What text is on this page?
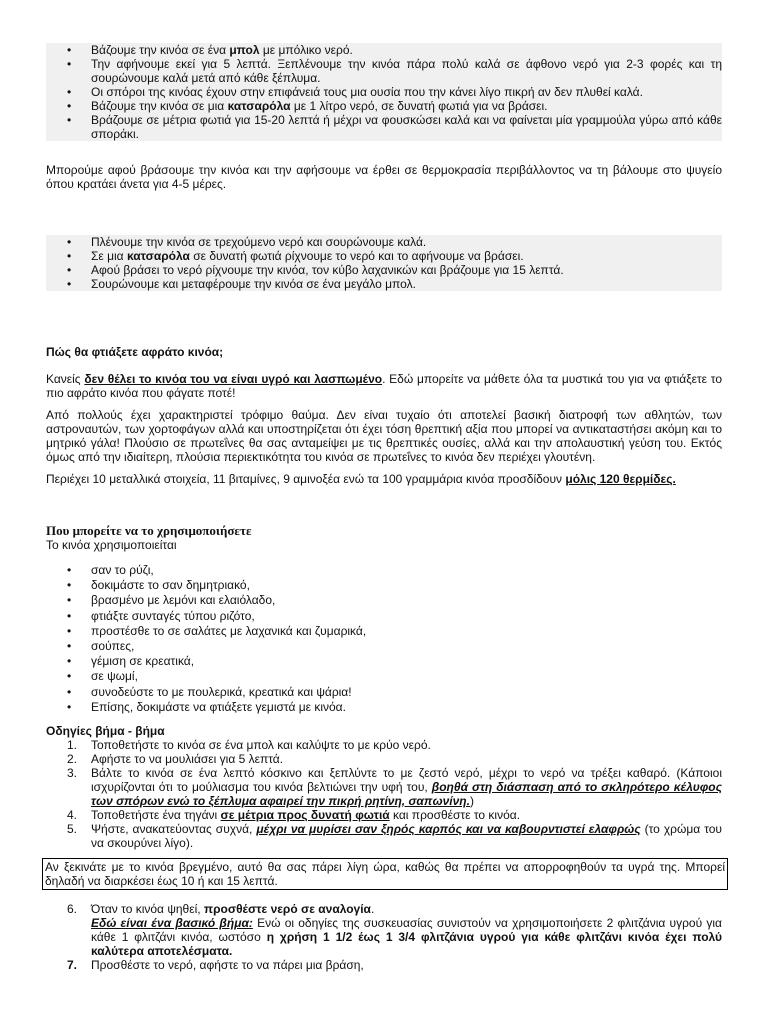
• Βάζουμε την κινόα σε ένα μπολ με μπόλικο νερό.
• Την αφήνουμε εκεί για 5 λεπτά. Ξεπλένουμε την κινόα πάρα πολύ καλά σε άφθονο νερό για 2-3 φορές και τη σουρώνουμε καλά μετά από κάθε ξέπλυμα.
• Οι σπόροι της κινόας έχουν στην επιφάνειά τους μια ουσία που την κάνει λίγο πικρή αν δεν πλυθεί καλά.
• Βάζουμε την κινόα σε μια κατσαρόλα με 1 λίτρο νερό, σε δυνατή φωτιά για να βράσει.
• Βράζουμε σε μέτρια φωτιά για 15-20 λεπτά ή μέχρι να φουσκώσει καλά και να φαίνεται μία γραμμούλα γύρω από κάθε σποράκι.

Μπορούμε αφού βράσουμε την κινόα και την αφήσουμε να έρθει σε θερμοκρασία περιβάλλοντος να τη βάλουμε στο ψυγείο όπου κρατάει άνετα για 4-5 μέρες.

• Πλένουμε την κινόα σε τρεχούμενο νερό και σουρώνουμε καλά.
• Σε μια κατσαρόλα σε δυνατή φωτιά ρίχνουμε το νερό και το αφήνουμε να βράσει.
• Αφού βράσει το νερό ρίχνουμε την κινόα, τον κύβο λαχανικών και βράζουμε για 15 λεπτά.
• Σουρώνουμε και μεταφέρουμε την κινόα σε ένα μεγάλο μπολ.
Πώς θα φτιάξετε αφράτο κινόα;

Κανείς δεν θέλει το κινόα του να είναι υγρό και λασπωμένο. Εδώ μπορείτε να μάθετε όλα τα μυστικά του για να φτιάξετε το πιο αφράτο κινόα που φάγατε ποτέ!

Από πολλούς έχει χαρακτηριστεί τρόφιμο θαύμα. Δεν είναι τυχαίο ότι αποτελεί βασική διατροφή των αθλητών, των αστροναυτών, των χορτοφάγων αλλά και υποστηρίζεται ότι έχει τόση θρεπτική αξία που μπορεί να αντικαταστήσει ακόμη και το μητρικό γάλα! Πλούσιο σε πρωτεΐνες θα σας ανταμείψει με τις θρεπτικές ουσίες, αλλά και την απολαυστική γεύση του. Εκτός όμως από την ιδιαίτερη, πλούσια περιεκτικότητα του κινόα σε πρωτεΐνες το κινόα δεν περιέχει γλουτένη.

Περιέχει 10 μεταλλικά στοιχεία, 11 βιταμίνες, 9 αμινοξέα ενώ τα 100 γραμμάρια κινόα προσδίδουν μόλις 120 θερμίδες.

Που μπορείτε να το χρησιμοποιήσετε
Το κινόα χρησιμοποιείται
• σαν το ρύζι,
• δοκιμάστε το σαν δημητριακό,
• βρασμένο με λεμόνι και ελαιόλαδο,
• φτιάξτε συνταγές τύπου ριζότο,
• προστέσθε το σε σαλάτες με λαχανικά και ζυμαρικά,
• σούπες,
• γέμιση σε κρεατικά,
• σε ψωμί,
• συνοδεύστε το με πουλερικά, κρεατικά και ψάρια!
• Επίσης, δοκιμάστε να φτιάξετε γεμιστά με κινόα.
Οδηγίες βήμα - βήμα
1. Τοποθετήστε το κινόα σε ένα μπολ και καλύψτε το με κρύο νερό.
2. Αφήστε το να μουλιάσει για 5 λεπτά.
3. Βάλτε το κινόα σε ένα λεπτό κόσκινο και ξεπλύντε το με ζεστό νερό, μέχρι το νερό να τρέξει καθαρό. (Κάποιοι ισχυρίζονται ότι το μούλιασμα του κινόα βελτιώνει την υφή του, βοηθά στη διάσπαση από το σκληρότερο κέλυφος των σπόρων ενώ το ξέπλυμα αφαιρεί την πικρή ρητίνη, σαπωνίνη.)
4. Τοποθετήστε ένα τηγάνι σε μέτρια προς δυνατή φωτιά και προσθέστε το κινόα.
5. Ψήστε, ανακατεύοντας συχνά, μέχρι να μυρίσει σαν ξηρός καρπός και να καβουρντιστεί ελαφρώς (το χρώμα του να σκουρύνει λίγο).

Αν ξεκινάτε με το κινόα βρεγμένο, αυτό θα σας πάρει λίγη ώρα, καθώς θα πρέπει να απορροφηθούν τα υγρά της. Μπορεί δηλαδή να διαρκέσει έως 10 ή και 15 λεπτά.

6. Όταν το κινόα ψηθεί, προσθέστε νερό σε αναλογία.
Εδώ είναι ένα βασικό βήμα: Ενώ οι οδηγίες της συσκευασίας συνιστούν να χρησιμοποιήσετε 2 φλιτζάνια υγρού για κάθε 1 φλιτζάνι κινόα, ωστόσο η χρήση 1 1/2 έως 1 3/4 φλιτζάνια υγρού για κάθε φλιτζάνι κινόα έχει πολύ καλύτερα αποτελέσματα.
7. Προσθέστε το νερό, αφήστε το να πάρει μια βράση,
